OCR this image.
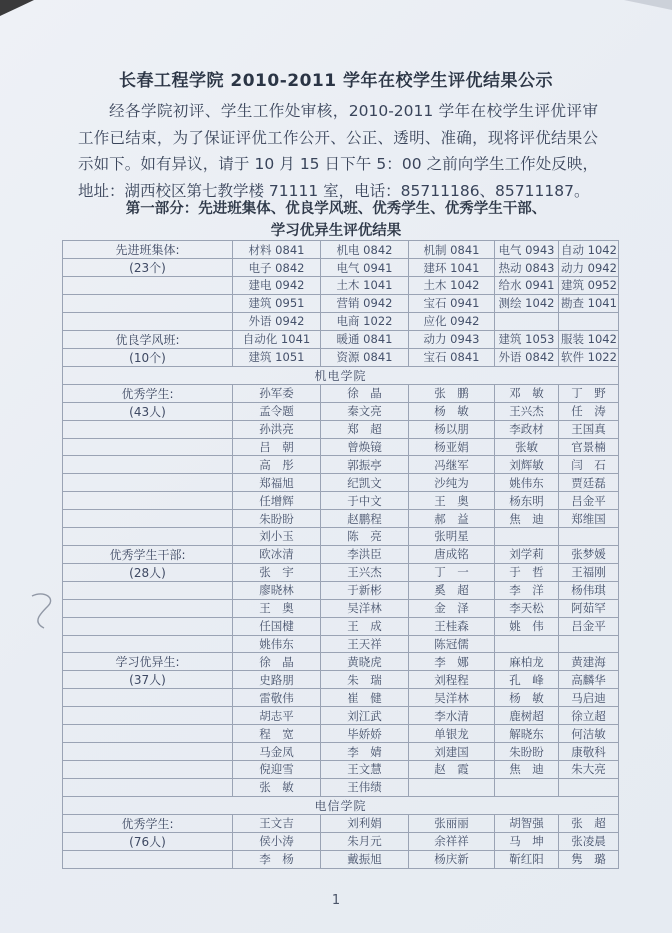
长春工程学院 2010-2011 学年在校学生评优结果公示
经各学院初评、学生工作处审核，2010-2011 学年在校学生评优评审工作已结束，为了保证评优工作公开、公正、透明、准确，现将评优结果公示如下。如有异议，请于 10 月 15 日下午 5：00 之前向学生工作处反映，地址：湖西校区第七教学楼 71111 室，电话：85711186、85711187。
第一部分：先进班集体、优良学风班、优秀学生、优秀学生干部、
学习优异生评优结果
先进班集体:	材料 0841	机电 0842	机制 0841	电气 0943	自动 1042
(23个)	电子 0842	电气 0941	建环 1041	热动 0843	动力 0942
	建电 0942	土木 1041	土木 1042	给水 0941	建筑 0952
	建筑 0951	营销 0942	宝石 0941	测绘 1042	勘查 1041
	外语 0942	电商 1022	应化 0942		
优良学风班:	自动化 1041	暖通 0841	动力 0943	建筑 1053	服装 1042
(10个)	建筑 1051	资源 0841	宝石 0841	外语 0842	软件 1022
机电学院					
优秀学生:	孙军委	徐　晶	张　鹏	邓　敏	丁　野
(43人)	孟令题	秦文亮	杨　敏	王兴杰	任　涛
	孙洪亮	郑　超	杨以朋	李政材	王国真
	吕　朝	曾焕镜	杨亚娟	张敏	官景楠
	高　彤	郭振亭	冯继军	刘辉敏	闫　石
	郑福旭	纪凯文	沙纯为	姚伟东	贾廷磊
	任增辉	于中文	王　奥	杨东明	吕金平
	朱盼盼	赵鹏程	郝　益	焦　迪	郑维国
	刘小玉	陈　亮	张明星		
优秀学生干部:	欧冰清	李洪臣	唐成铭	刘学莉	张梦媛
(28人)	张　宇	王兴杰	丁　一	于　哲	王福刚
	廖晓林	于新彬	奚　超	李　洋	杨伟琪
	王　奥	吴洋林	金　泽	李天松	阿茹罕
	任国楗	王　成	王桂森	姚　伟	吕金平
	姚伟东	王天祥	陈冠儒		
学习优异生:	徐　晶	黄晓虎	李　娜	麻柏龙	黄建海
(37人)	史路朋	朱　瑞	刘程程	孔　峰	高麟华
	雷敬伟	崔　健	吴洋林	杨　敏	马启迪
	胡志平	刘江武	李水清	鹿树超	徐立超
	程　宽	毕娇娇	单银龙	解晓东	何洁敏
	马金凤	李　婧	刘建国	朱盼盼	康敬科
	倪迎雪	王文慧	赵　霞	焦　迪	朱大亮
	张　敏	王伟绩			
电信学院					
优秀学生:	王文吉	刘利娟	张丽丽	胡智强	张　超
(76人)	侯小涛	朱月元	余祥祥	马　坤	张凌晨
	李　杨	戴振旭	杨庆新	靳红阳	隽　璐
1
